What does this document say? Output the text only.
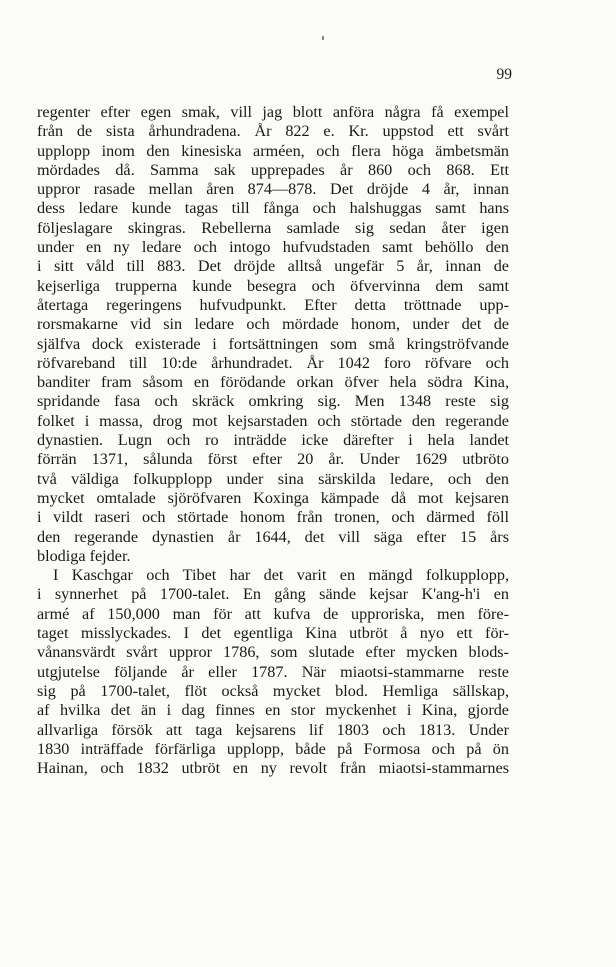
99
regenter efter egen smak, vill jag blott anföra några få exempel
från de sista århundradena. År 822 e. Kr. uppstod ett svårt
upplopp inom den kinesiska arméen, och flera höga ämbetsmän
mördades då. Samma sak upprepades år 860 och 868. Ett
uppror rasade mellan åren 874—878. Det dröjde 4 år, innan
dess ledare kunde tagas till fånga och halshuggas samt hans
följeslagare skingras. Rebellerna samlade sig sedan åter igen
under en ny ledare och intogo hufvudstaden samt behöllo den
i sitt våld till 883. Det dröjde alltså ungefär 5 år, innan de
kejserliga trupperna kunde besegra och öfvervinna dem samt
återtaga regeringens hufvudpunkt. Efter detta tröttnade upp-
rorsmakarne vid sin ledare och mördade honom, under det de
själfva dock existerade i fortsättningen som små kringströfvande
röfvareband till 10:de århundradet. År 1042 foro röfvare och
banditer fram såsom en förödande orkan öfver hela södra Kina,
spridande fasa och skräck omkring sig. Men 1348 reste sig
folket i massa, drog mot kejsarstaden och störtade den regerande
dynastien. Lugn och ro inträdde icke därefter i hela landet
förrän 1371, sålunda först efter 20 år. Under 1629 utbröto
två väldiga folkupplopp under sina särskilda ledare, och den
mycket omtalade sjöröfvaren Koxinga kämpade då mot kejsaren
i vildt raseri och störtade honom från tronen, och därmed föll
den regerande dynastien år 1644, det vill säga efter 15 års
blodiga fejder.
I Kaschgar och Tibet har det varit en mängd folkupplopp,
i synnerhet på 1700-talet. En gång sände kejsar K'ang-h'i en
armé af 150,000 man för att kufva de upproriska, men före-
taget misslyckades. I det egentliga Kina utbröt å nyo ett för-
vånansvärdt svårt uppror 1786, som slutade efter mycken blods-
utgjutelse följande år eller 1787. När miaotsi-stammarne reste
sig på 1700-talet, flöt också mycket blod. Hemliga sällskap,
af hvilka det än i dag finnes en stor myckenhet i Kina, gjorde
allvarliga försök att taga kejsarens lif 1803 och 1813. Under
1830 inträffade förfärliga upplopp, både på Formosa och på ön
Hainan, och 1832 utbröt en ny revolt från miaotsi-stammarnes
